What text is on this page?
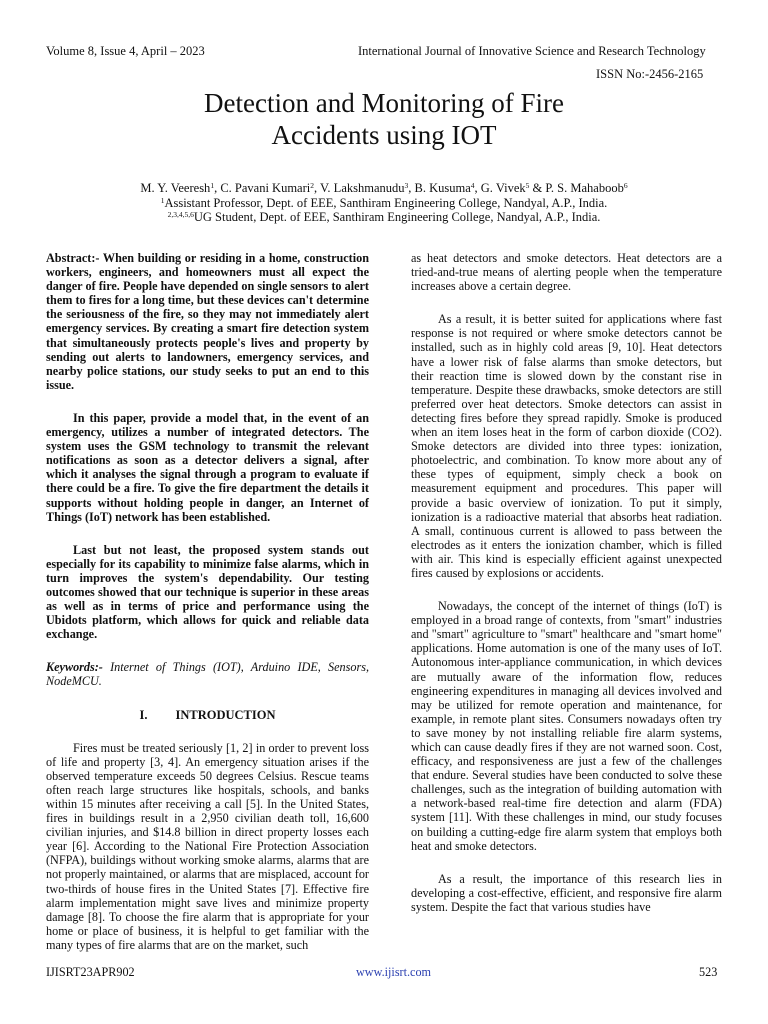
Volume 8, Issue 4, April – 2023	International Journal of Innovative Science and Research Technology
ISSN No:-2456-2165
Detection and Monitoring of Fire
Accidents using IOT
M. Y. Veeresh$^1$, C. Pavani Kumari$^2$, V. Lakshmanudu$^3$, B. Kusuma$^4$, G. Vivek$^5$ & P. S. Mahaboob$^6$
$^1$Assistant Professor, Dept. of EEE, Santhiram Engineering College, Nandyal, A.P., India.
$^{2,3,4,5,6}$UG Student, Dept. of EEE, Santhiram Engineering College, Nandyal, A.P., India.

Abstract:- When building or residing in a home, construction workers, engineers, and homeowners must all expect the danger of fire. People have depended on single sensors to alert them to fires for a long time, but these devices can't determine the seriousness of the fire, so they may not immediately alert emergency services. By creating a smart fire detection system that simultaneously protects people's lives and property by sending out alerts to landowners, emergency services, and nearby police stations, our study seeks to put an end to this issue.

In this paper, provide a model that, in the event of an emergency, utilizes a number of integrated detectors. The system uses the GSM technology to transmit the relevant notifications as soon as a detector delivers a signal, after which it analyses the signal through a program to evaluate if there could be a fire. To give the fire department the details it supports without holding people in danger, an Internet of Things (IoT) network has been established.

Last but not least, the proposed system stands out especially for its capability to minimize false alarms, which in turn improves the system's dependability. Our testing outcomes showed that our technique is superior in these areas as well as in terms of price and performance using the Ubidots platform, which allows for quick and reliable data exchange.

Keywords:- Internet of Things (IOT), Arduino IDE, Sensors, NodeMCU.

I. INTRODUCTION

Fires must be treated seriously [1, 2] in order to prevent loss of life and property [3, 4]. An emergency situation arises if the observed temperature exceeds 50 degrees Celsius. Rescue teams often reach large structures like hospitals, schools, and banks within 15 minutes after receiving a call [5]. In the United States, fires in buildings result in a 2,950 civilian death toll, 16,600 civilian injuries, and $14.8 billion in direct property losses each year [6]. According to the National Fire Protection Association (NFPA), buildings without working smoke alarms, alarms that are not properly maintained, or alarms that are misplaced, account for two-thirds of house fires in the United States [7]. Effective fire alarm implementation might save lives and minimize property damage [8]. To choose the fire alarm that is appropriate for your home or place of business, it is helpful to get familiar with the many types of fire alarms that are on the market, such

as heat detectors and smoke detectors. Heat detectors are a tried-and-true means of alerting people when the temperature increases above a certain degree.

As a result, it is better suited for applications where fast response is not required or where smoke detectors cannot be installed, such as in highly cold areas [9, 10]. Heat detectors have a lower risk of false alarms than smoke detectors, but their reaction time is slowed down by the constant rise in temperature. Despite these drawbacks, smoke detectors are still preferred over heat detectors. Smoke detectors can assist in detecting fires before they spread rapidly. Smoke is produced when an item loses heat in the form of carbon dioxide (CO2). Smoke detectors are divided into three types: ionization, photoelectric, and combination. To know more about any of these types of equipment, simply check a book on measurement equipment and procedures. This paper will provide a basic overview of ionization. To put it simply, ionization is a radioactive material that absorbs heat radiation. A small, continuous current is allowed to pass between the electrodes as it enters the ionization chamber, which is filled with air. This kind is especially efficient against unexpected fires caused by explosions or accidents.

Nowadays, the concept of the internet of things (IoT) is employed in a broad range of contexts, from "smart" industries and "smart" agriculture to "smart" healthcare and "smart home" applications. Home automation is one of the many uses of IoT. Autonomous inter-appliance communication, in which devices are mutually aware of the information flow, reduces engineering expenditures in managing all devices involved and may be utilized for remote operation and maintenance, for example, in remote plant sites. Consumers nowadays often try to save money by not installing reliable fire alarm systems, which can cause deadly fires if they are not warned soon. Cost, efficacy, and responsiveness are just a few of the challenges that endure. Several studies have been conducted to solve these challenges, such as the integration of building automation with a network-based real-time fire detection and alarm (FDA) system [11]. With these challenges in mind, our study focuses on building a cutting-edge fire alarm system that employs both heat and smoke detectors.

As a result, the importance of this research lies in developing a cost-effective, efficient, and responsive fire alarm system. Despite the fact that various studies have

IJISRT23APR902	www.ijisrt.com	523
